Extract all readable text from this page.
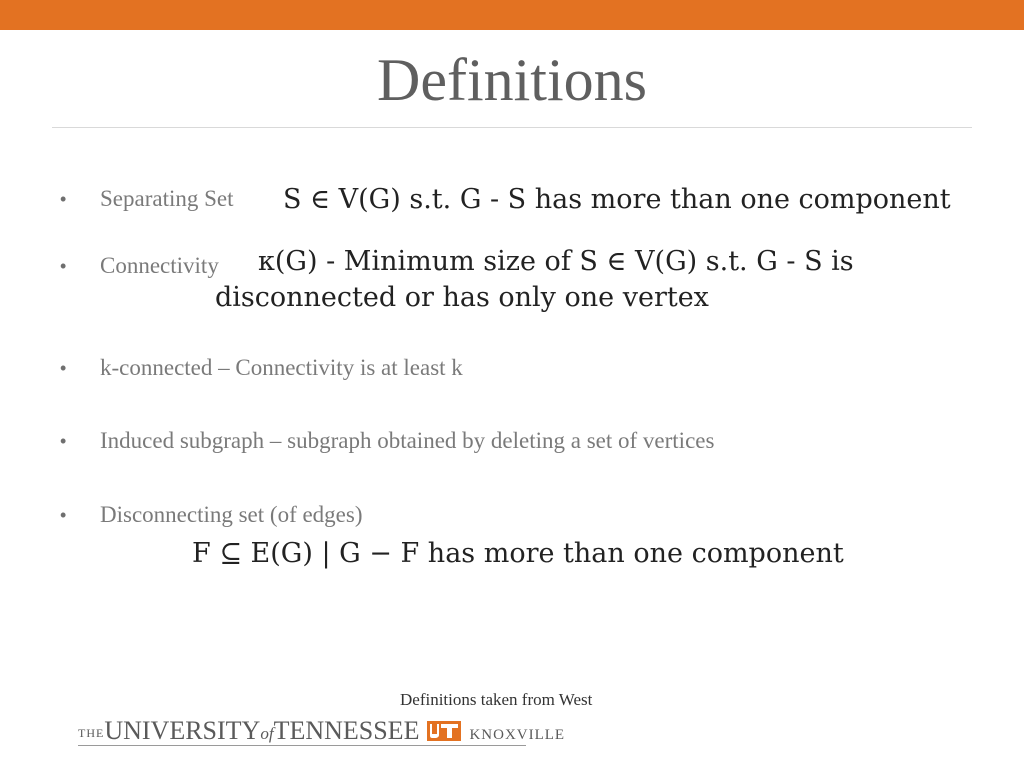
Definitions
• Separating Set S ∈ V(G) s.t. G - S has more than one component
• Connectivity κ(G) - Minimum size of S ∈ V(G) s.t. G - S is
disconnected or has only one vertex
• k-connected – Connectivity is at least k
• Induced subgraph – subgraph obtained by deleting a set of vertices
• Disconnecting set (of edges)
F ⊆ E(G) | G − F has more than one component
Definitions taken from West
THEUNIVERSITYofTENNESSEE	KNOXVILLE
